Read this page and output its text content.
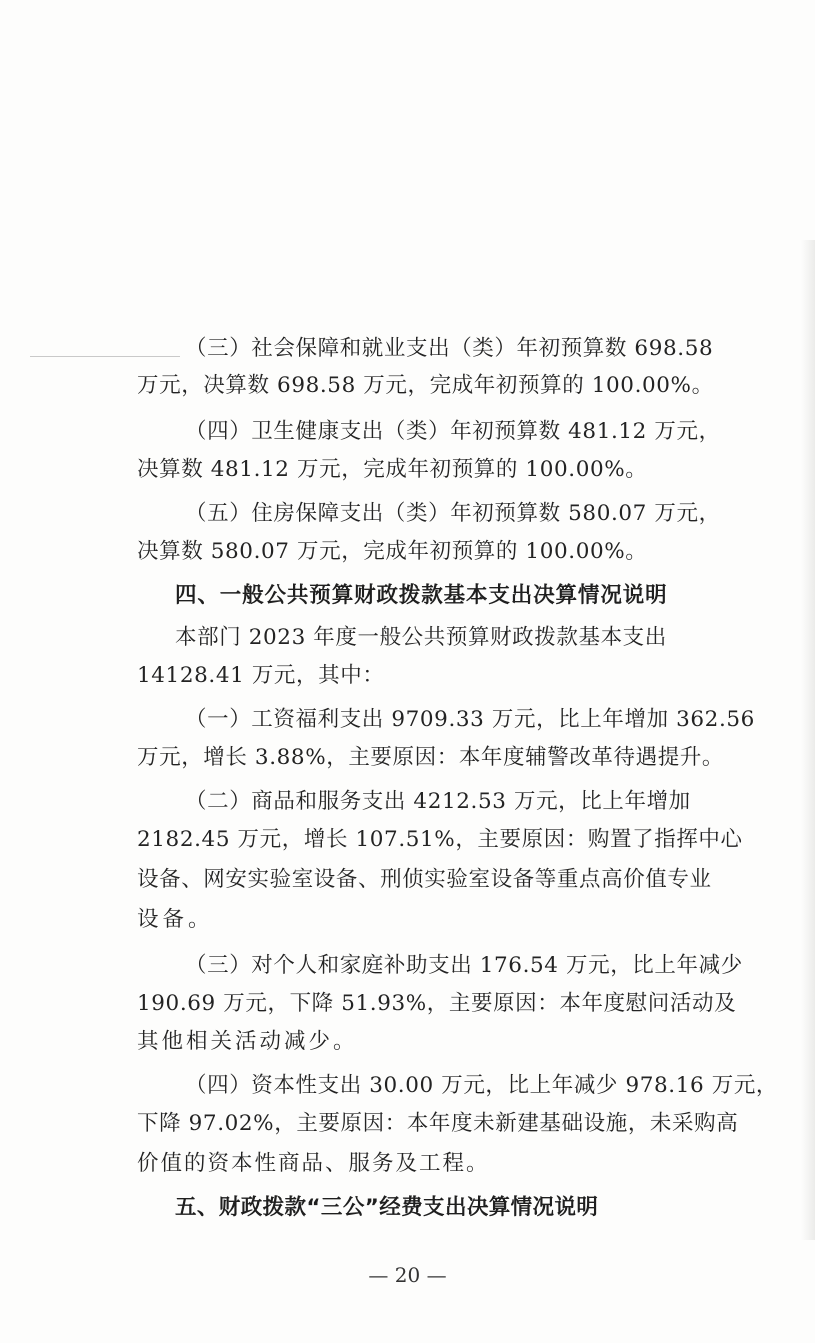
（三）社会保障和就业支出（类）年初预算数 698.58
万元，决算数 698.58 万元，完成年初预算的 100.00%。
（四）卫生健康支出（类）年初预算数 481.12 万元，
决算数 481.12 万元，完成年初预算的 100.00%。
（五）住房保障支出（类）年初预算数 580.07 万元，
决算数 580.07 万元，完成年初预算的 100.00%。
四、一般公共预算财政拨款基本支出决算情况说明
本部门 2023 年度一般公共预算财政拨款基本支出
14128.41 万元，其中：
（一）工资福利支出 9709.33 万元，比上年增加 362.56
万元，增长 3.88%，主要原因：本年度辅警改革待遇提升。
（二）商品和服务支出 4212.53 万元，比上年增加
2182.45 万元，增长 107.51%，主要原因：购置了指挥中心
设备、网安实验室设备、刑侦实验室设备等重点高价值专业
设备。
（三）对个人和家庭补助支出 176.54 万元，比上年减少
190.69 万元，下降 51.93%，主要原因：本年度慰问活动及
其他相关活动减少。
（四）资本性支出 30.00 万元，比上年减少 978.16 万元，
下降 97.02%，主要原因：本年度未新建基础设施，未采购高
价值的资本性商品、服务及工程。
五、财政拨款“三公”经费支出决算情况说明
— 20 —
